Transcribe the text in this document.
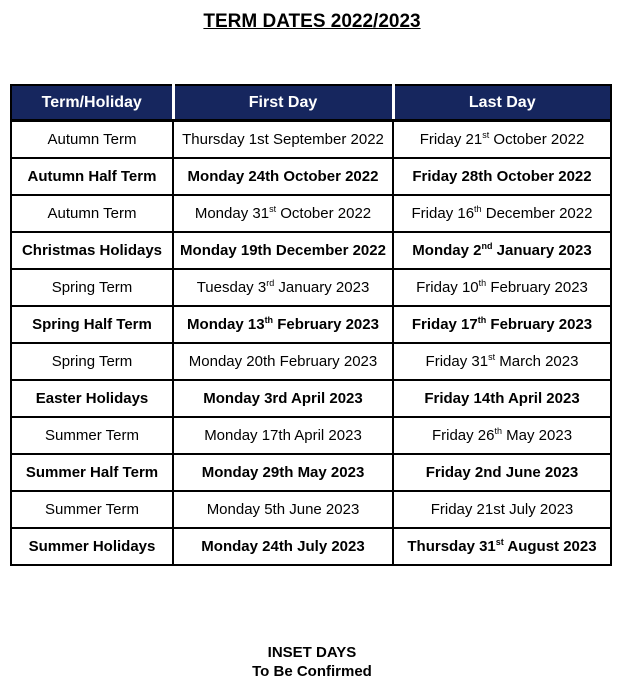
TERM DATES 2022/2023
Term/Holiday	First Day	Last Day
Autumn Term	Thursday 1st September 2022	Friday 21st October 2022
Autumn Half Term	Monday 24th October 2022	Friday 28th October 2022
Autumn Term	Monday 31st October 2022	Friday 16th December 2022
Christmas Holidays	Monday 19th December 2022	Monday 2nd January 2023
Spring Term	Tuesday 3rd January 2023	Friday 10th February 2023
Spring Half Term	Monday 13th February 2023	Friday 17th February 2023
Spring Term	Monday 20th February 2023	Friday 31st March 2023
Easter Holidays	Monday 3rd April 2023	Friday 14th April 2023
Summer Term	Monday 17th April 2023	Friday 26th May 2023
Summer Half Term	Monday 29th May 2023	Friday 2nd June 2023
Summer Term	Monday 5th June 2023	Friday 21st July 2023
Summer Holidays	Monday 24th July 2023	Thursday 31st August 2023
INSET DAYS
To Be Confirmed
